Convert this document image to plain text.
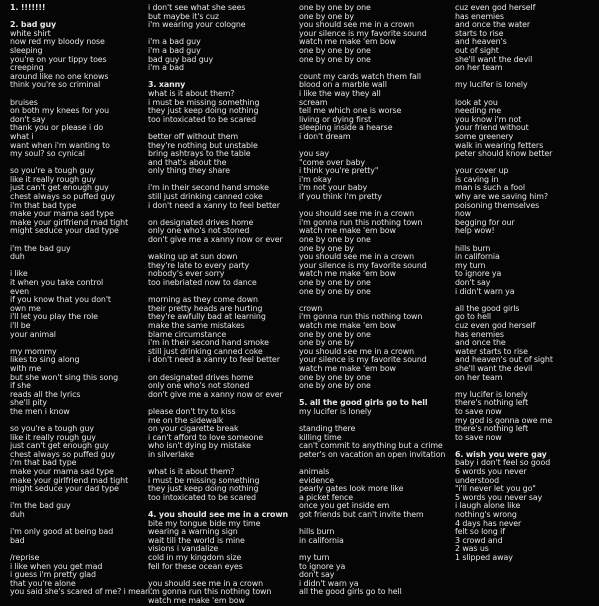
1. !!!!!!!
2. bad guy
white shirt
now red my bloody nose
sleeping
you're on your tippy toes
creeping
around like no one knows
think you're so criminal
bruises
on both my knees for you
don't say
thank you or please i do
what i
want when i'm wanting to
my soul? so cynical
so you're a tough guy
like it really rough guy
just can't get enough guy
chest always so puffed guy
i'm that bad type
make your mama sad type
make your girlfriend mad tight
might seduce your dad type
i'm the bad guy
duh
i like
it when you take control
even
if you know that you don't
own me
i'll let you play the role
i'll be
your animal
my mommy
likes to sing along
with me
but she won't sing this song
if she
reads all the lyrics
she'll pity
the men i know
so you're a tough guy
like it really rough guy
just can't get enough guy
chest always so puffed guy
i'm that bad type
make your mama sad type
make your girlfriend mad tight
might seduce your dad type
i'm the bad guy
duh
i'm only good at being bad
bad
/reprise
i like when you get mad
i guess i'm pretty glad
that you're alone
you said she's scared of me? i mean...
i don't see what she sees
but maybe it's cuz
i'm wearing your cologne
i'm a bad guy
i'm a bad guy
bad guy bad guy
i'm a bad
3. xanny
what is it about them?
i must be missing something
they just keep doing nothing
too intoxicated to be scared
better off without them
they're nothing but unstable
bring ashtrays to the table
and that's about the
only thing they share
i'm in their second hand smoke
still just drinking canned coke
i don't need a xanny to feel better
on designated drives home
only one who's not stoned
don't give me a xanny now or ever
waking up at sun down
they're late to every party
nobody's ever sorry
too inebriated now to dance
morning as they come down
their pretty heads are hurting
they're awfully bad at learning
make the same mistakes
blame circumstance
i'm in their second hand smoke
still just drinking canned coke
i don't need a xanny to feel better
on designated drives home
only one who's not stoned
don't give me a xanny now or ever
please don't try to kiss
me on the sidewalk
on your cigarette break
i can't afford to love someone
who isn't dying by mistake
in silverlake
what is it about them?
i must be missing something
they just keep doing nothing
too intoxicated to be scared
4. you should see me in a crown
bite my tongue bide my time
wearing a warning sign
wait till the world is mine
visions i vandalize
cold in my kingdom size
fell for these ocean eyes
you should see me in a crown
i'm gonna run this nothing town
watch me make 'em bow
one by one by one
one by one by
you should see me in a crown
your silence is my favorite sound
watch me make 'em bow
one by one by one
one by one by one
count my cards watch them fall
blood on a marble wall
i like the way they all
scream
tell me which one is worse
living or dying first
sleeping inside a hearse
i don't dream
you say
"come over baby
i think you're pretty"
i'm okay
i'm not your baby
if you think i'm pretty
you should see me in a crown
i'm gonna run this nothing town
watch me make 'em bow
one by one by one
one by one by
you should see me in a crown
your silence is my favorite sound
watch me make 'em bow
one by one by one
one by one by one
crown
i'm gonna run this nothing town
watch me make 'em bow
one by one by one
one by one by
you should see me in a crown
your silence is my favorite sound
watch me make 'em bow
one by one by one
one by one by one
5. all the good girls go to hell
my lucifer is lonely
standing there
killing time
can't commit to anything but a crime
peter's on vacation an open invitation
animals
evidence
pearly gates look more like
a picket fence
once you get inside em
got friends but can't invite them
hills burn
in california
my turn
to ignore ya
don't say
i didn't warn ya
all the good girls go to hell
cuz even god herself
has enemies
and once the water
starts to rise
and heaven's
out of sight
she'll want the devil
on her team
my lucifer is lonely
look at you
needing me
you know i'm not
your friend without
some greenery
walk in wearing fetters
peter should know better
your cover up
is caving in
man is such a fool
why are we saving him?
poisoning themselves
now
begging for our
help wow!
hills burn
in california
my turn
to ignore ya
don't say
i didn't warn ya
all the good girls
go to hell
cuz even god herself
has enemies
and once the
water starts to rise
and heaven's out of sight
she'll want the devil
on her team
my lucifer is lonely
there's nothing left
to save now
my god is gonna owe me
there's nothing left
to save now
6. wish you were gay
baby i don't feel so good
6 words you never
understood
"i'll never let you go"
5 words you never say
i laugh alone like
nothing's wrong
4 days has never
felt so long if
3 crowd and
2 was us
1 slipped away
